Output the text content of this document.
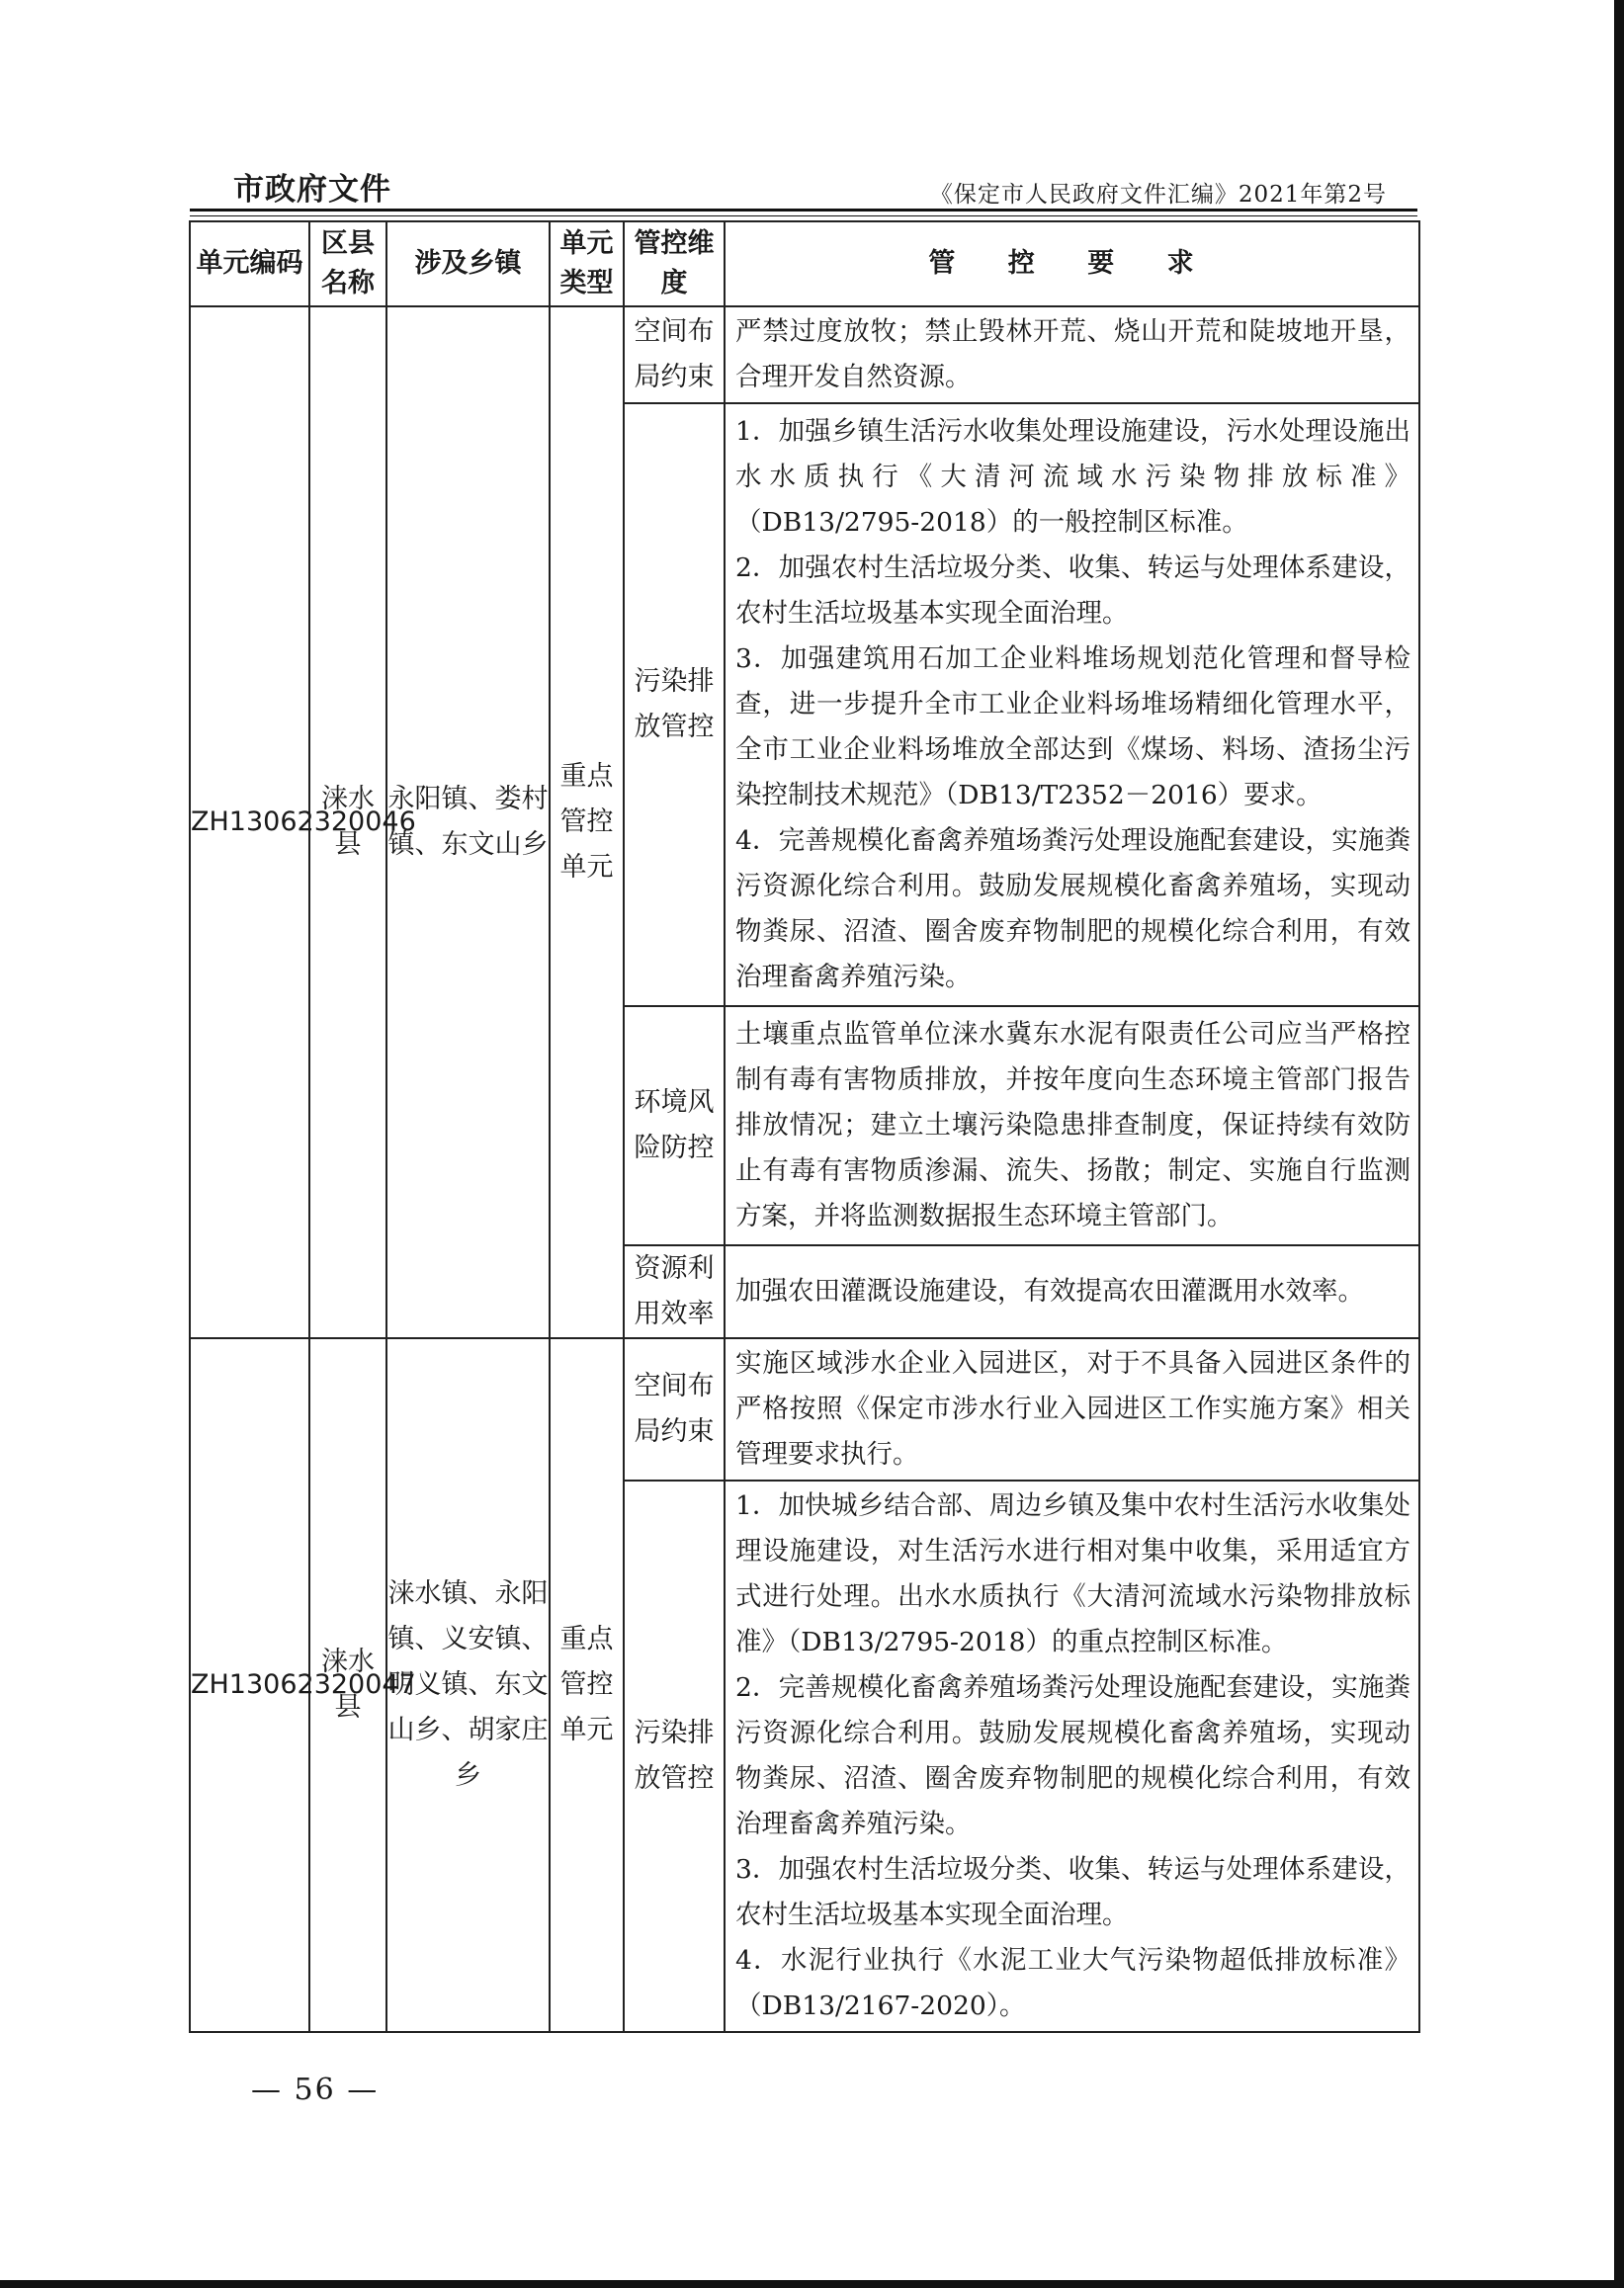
市政府文件	《保定市人民政府文件汇编》2021年第2号
单元编码	区县名称	涉及乡镇	单元类型	管控维度	管 控 要 求
ZH13062320046	涞水县	永阳镇、娄村镇、东文山乡	重点管控单元	空间布局约束	严禁过度放牧；禁止毁林开荒、烧山开荒和陡坡地开垦，合理开发自然资源。

				污染排放管控	1．加强乡镇生活污水收集处理设施建设，污水处理设施出水水质执行《大清河流域水污染物排放标准》（DB13/2795-2018）的一般控制区标准。

2．加强农村生活垃圾分类、收集、转运与处理体系建设，农村生活垃圾基本实现全面治理。

3．加强建筑用石加工企业料堆场规划范化管理和督导检查，进一步提升全市工业企业料场堆场精细化管理水平，全市工业企业料场堆放全部达到《煤场、料场、渣扬尘污染控制技术规范》（DB13/T2352－2016）要求。

4．完善规模化畜禽养殖场粪污处理设施配套建设，实施粪污资源化综合利用。鼓励发展规模化畜禽养殖场，实现动物粪尿、沼渣、圈舍废弃物制肥的规模化综合利用，有效治理畜禽养殖污染。

				环境风险防控	土壤重点监管单位涞水冀东水泥有限责任公司应当严格控制有毒有害物质排放，并按年度向生态环境主管部门报告排放情况；建立土壤污染隐患排查制度，保证持续有效防止有毒有害物质渗漏、流失、扬散；制定、实施自行监测方案，并将监测数据报生态环境主管部门。

				资源利用效率	加强农田灌溉设施建设，有效提高农田灌溉用水效率。

ZH13062320047	涞水县	涞水镇、永阳镇、义安镇、明义镇、东文山乡、胡家庄乡	重点管控单元	空间布局约束	实施区域涉水企业入园进区，对于不具备入园进区条件的严格按照《保定市涉水行业入园进区工作实施方案》相关管理要求执行。

				污染排放管控	1．加快城乡结合部、周边乡镇及集中农村生活污水收集处理设施建设，对生活污水进行相对集中收集，采用适宜方式进行处理。出水水质执行《大清河流域水污染物排放标准》（DB13/2795-2018）的重点控制区标准。

2．完善规模化畜禽养殖场粪污处理设施配套建设，实施粪污资源化综合利用。鼓励发展规模化畜禽养殖场，实现动物粪尿、沼渣、圈舍废弃物制肥的规模化综合利用，有效治理畜禽养殖污染。

3．加强农村生活垃圾分类、收集、转运与处理体系建设，农村生活垃圾基本实现全面治理。

4．水泥行业执行《水泥工业大气污染物超低排放标准》（DB13/2167-2020）。

— 56 —
